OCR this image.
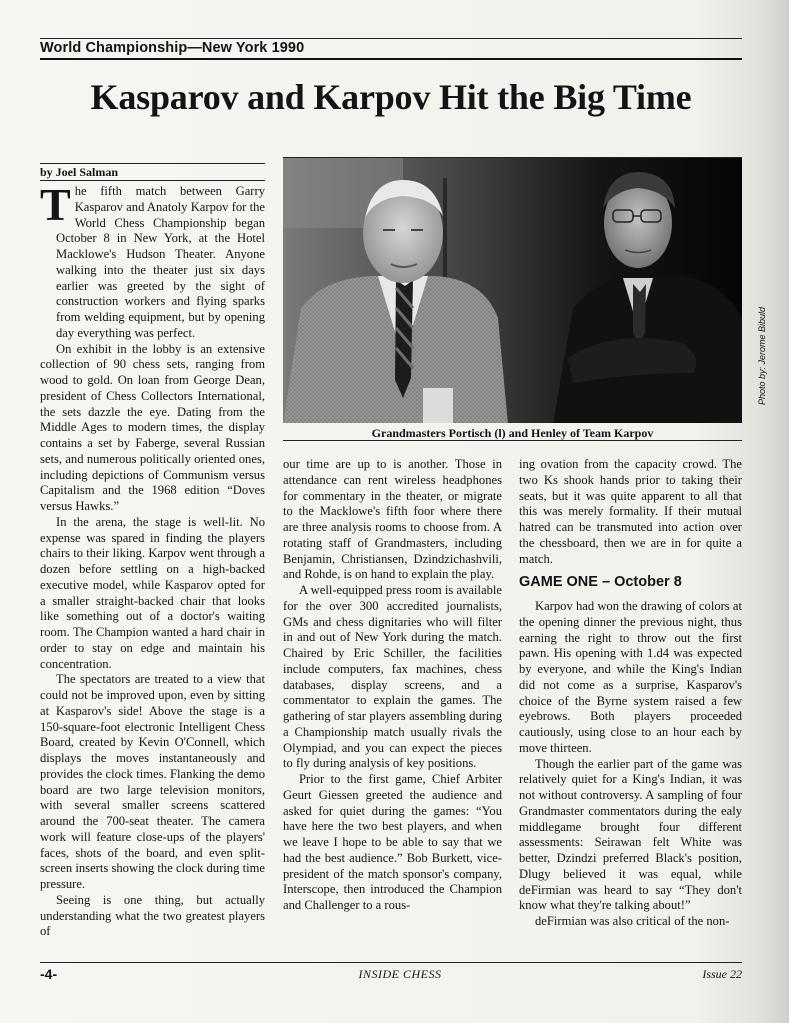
World Championship—New York 1990
Kasparov and Karpov Hit the Big Time
by Joel Salman

The fifth match between Garry Kasparov and Anatoly Karpov for the World Chess Championship began October 8 in New York, at the Hotel Macklowe's Hudson Theater. Anyone walking into the theater just six days earlier was greeted by the sight of construction workers and flying sparks from welding equipment, but by opening day everything was perfect.

On exhibit in the lobby is an extensive collection of 90 chess sets, ranging from wood to gold. On loan from George Dean, president of Chess Collectors International, the sets dazzle the eye. Dating from the Middle Ages to modern times, the display contains a set by Faberge, several Russian sets, and numerous politically oriented ones, including depictions of Communism versus Capitalism and the 1968 edition “Doves versus Hawks.”

In the arena, the stage is well-lit. No expense was spared in finding the players chairs to their liking. Karpov went through a dozen before settling on a high-backed executive model, while Kasparov opted for a smaller straight-backed chair that looks like something out of a doctor's waiting room. The Champion wanted a hard chair in order to stay on edge and maintain his concentration.

The spectators are treated to a view that could not be improved upon, even by sitting at Kasparov's side! Above the stage is a 150-square-foot electronic Intelligent Chess Board, created by Kevin O'Connell, which displays the moves instantaneously and provides the clock times. Flanking the demo board are two large television monitors, with several smaller screens scattered around the 700-seat theater. The camera work will feature close-ups of the players' faces, shots of the board, and even split-screen inserts showing the clock during time pressure.

Seeing is one thing, but actually understanding what the two greatest players of

Grandmasters Portisch (l) and Henley of Team Karpov
Photo by: Jerome Bibuld

our time are up to is another. Those in attendance can rent wireless headphones for commentary in the theater, or migrate to the Macklowe's fifth foor where there are three analysis rooms to choose from. A rotating staff of Grandmasters, including Benjamin, Christiansen, Dzindzichashvili, and Rohde, is on hand to explain the play.

A well-equipped press room is available for the over 300 accredited journalists, GMs and chess dignitaries who will filter in and out of New York during the match. Chaired by Eric Schiller, the facilities include computers, fax machines, chess databases, display screens, and a commentator to explain the games. The gathering of star players assembling during a Championship match usually rivals the Olympiad, and you can expect the pieces to fly during analysis of key positions.

Prior to the first game, Chief Arbiter Geurt Giessen greeted the audience and asked for quiet during the games: “You have here the two best players, and when we leave I hope to be able to say that we had the best audience.” Bob Burkett, vice-president of the match sponsor's company, Interscope, then introduced the Champion and Challenger to a rous-

ing ovation from the capacity crowd. The two Ks shook hands prior to taking their seats, but it was quite apparent to all that this was merely formality. If their mutual hatred can be transmuted into action over the chessboard, then we are in for quite a match.

GAME ONE – October 8

Karpov had won the drawing of colors at the opening dinner the previous night, thus earning the right to throw out the first pawn. His opening with 1.d4 was expected by everyone, and while the King's Indian did not come as a surprise, Kasparov's choice of the Byrne system raised a few eyebrows. Both players proceeded cautiously, using close to an hour each by move thirteen.

Though the earlier part of the game was relatively quiet for a King's Indian, it was not without controversy. A sampling of four Grandmaster commentators during the ealy middlegame brought four different assessments: Seirawan felt White was better, Dzindzi preferred Black's position, Dlugy believed it was equal, while deFirmian was heard to say “They don't know what they're talking about!”

deFirmian was also critical of the non-

-4-	INSIDE CHESS	Issue 22
